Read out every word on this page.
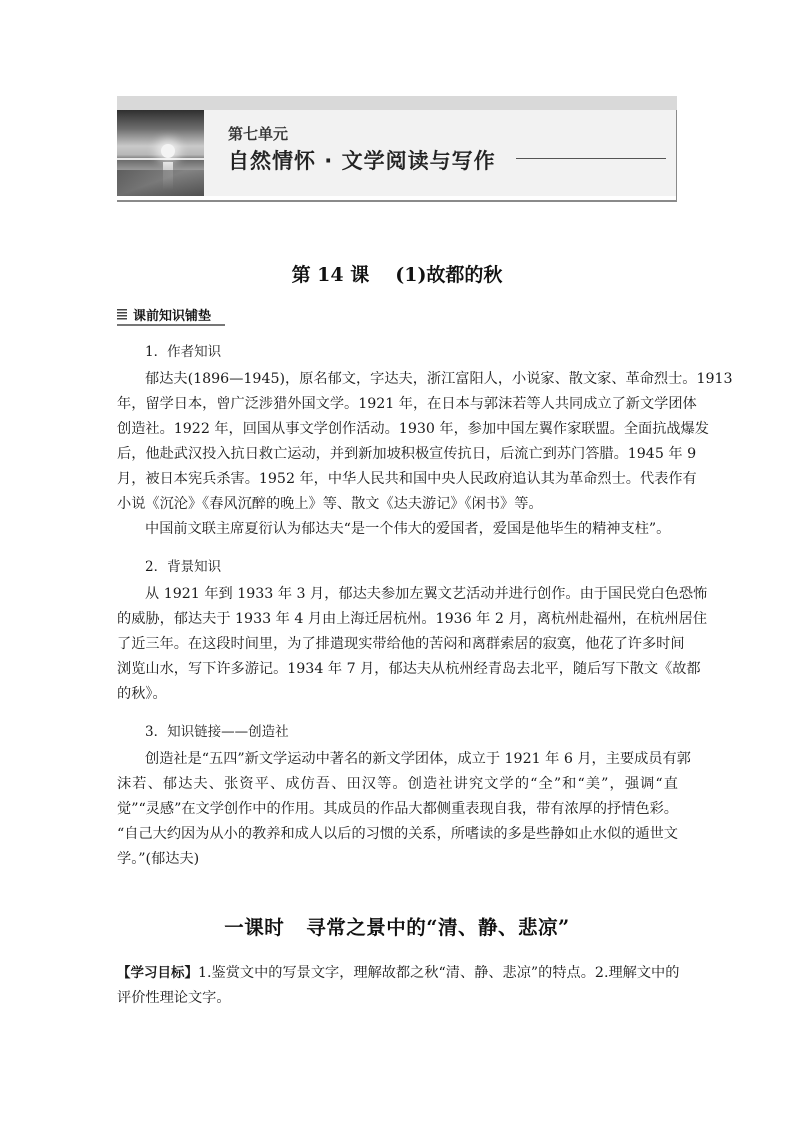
第七单元
自然情怀 · 文学阅读与写作
第 14 课 (1)故都的秋
课前知识铺垫
1．作者知识
郁达夫(1896—1945)，原名郁文，字达夫，浙江富阳人，小说家、散文家、革命烈士。1913
年，留学日本，曾广泛涉猎外国文学。1921 年，在日本与郭沫若等人共同成立了新文学团体
创造社。1922 年，回国从事文学创作活动。1930 年，参加中国左翼作家联盟。全面抗战爆发
后，他赴武汉投入抗日救亡运动，并到新加坡积极宣传抗日，后流亡到苏门答腊。1945 年 9
月，被日本宪兵杀害。1952 年，中华人民共和国中央人民政府追认其为革命烈士。代表作有
小说《沉沦》《春风沉醉的晚上》等、散文《达夫游记》《闲书》等。
中国前文联主席夏衍认为郁达夫“是一个伟大的爱国者，爱国是他毕生的精神支柱”。
2．背景知识
从 1921 年到 1933 年 3 月，郁达夫参加左翼文艺活动并进行创作。由于国民党白色恐怖
的威胁，郁达夫于 1933 年 4 月由上海迁居杭州。1936 年 2 月，离杭州赴福州，在杭州居住
了近三年。在这段时间里，为了排遣现实带给他的苦闷和离群索居的寂寞，他花了许多时间
浏览山水，写下许多游记。1934 年 7 月，郁达夫从杭州经青岛去北平，随后写下散文《故都
的秋》。
3．知识链接——创造社
创造社是“五四”新文学运动中著名的新文学团体，成立于 1921 年 6 月，主要成员有郭
沫若、郁达夫、张资平、成仿吾、田汉等。创造社讲究文学的“全”和“美”，强调“直
觉”“灵感”在文学创作中的作用。其成员的作品大都侧重表现自我，带有浓厚的抒情色彩。
“自己大约因为从小的教养和成人以后的习惯的关系，所嗜读的多是些静如止水似的遁世文
学。”(郁达夫)
【学习目标】1.鉴赏文中的写景文字，理解故都之秋“清、静、悲凉”的特点。2.理解文中的
评价性理论文字。
一课时 寻常之景中的“清、静、悲凉”
